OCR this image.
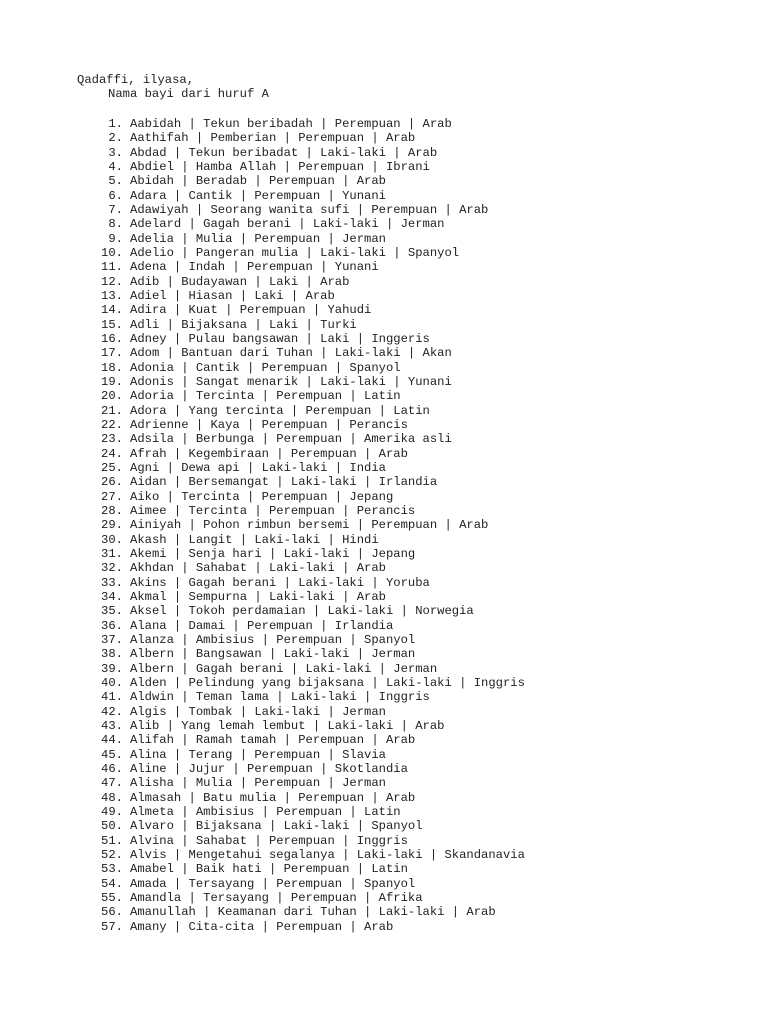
Qadaffi, ilyasa,
Nama bayi dari huruf A
1. Aabidah | Tekun beribadah | Perempuan | Arab
2. Aathifah | Pemberian | Perempuan | Arab
3. Abdad | Tekun beribadat | Laki-laki | Arab
4. Abdiel | Hamba Allah | Perempuan | Ibrani
5. Abidah | Beradab | Perempuan | Arab
6. Adara | Cantik | Perempuan | Yunani
7. Adawiyah | Seorang wanita sufi | Perempuan | Arab
8. Adelard | Gagah berani | Laki-laki | Jerman
9. Adelia | Mulia | Perempuan | Jerman
10. Adelio | Pangeran mulia | Laki-laki | Spanyol
11. Adena | Indah | Perempuan | Yunani
12. Adib | Budayawan | Laki | Arab
13. Adiel | Hiasan | Laki | Arab
14. Adira | Kuat | Perempuan | Yahudi
15. Adli | Bijaksana | Laki | Turki
16. Adney | Pulau bangsawan | Laki | Inggeris
17. Adom | Bantuan dari Tuhan | Laki-laki | Akan
18. Adonia | Cantik | Perempuan | Spanyol
19. Adonis | Sangat menarik | Laki-laki | Yunani
20. Adoria | Tercinta | Perempuan | Latin
21. Adora | Yang tercinta | Perempuan | Latin
22. Adrienne | Kaya | Perempuan | Perancis
23. Adsila | Berbunga | Perempuan | Amerika asli
24. Afrah | Kegembiraan | Perempuan | Arab
25. Agni | Dewa api | Laki-laki | India
26. Aidan | Bersemangat | Laki-laki | Irlandia
27. Aiko | Tercinta | Perempuan | Jepang
28. Aimee | Tercinta | Perempuan | Perancis
29. Ainiyah | Pohon rimbun bersemi | Perempuan | Arab
30. Akash | Langit | Laki-laki | Hindi
31. Akemi | Senja hari | Laki-laki | Jepang
32. Akhdan | Sahabat | Laki-laki | Arab
33. Akins | Gagah berani | Laki-laki | Yoruba
34. Akmal | Sempurna | Laki-laki | Arab
35. Aksel | Tokoh perdamaian | Laki-laki | Norwegia
36. Alana | Damai | Perempuan | Irlandia
37. Alanza | Ambisius | Perempuan | Spanyol
38. Albern | Bangsawan | Laki-laki | Jerman
39. Albern | Gagah berani | Laki-laki | Jerman
40. Alden | Pelindung yang bijaksana | Laki-laki | Inggris
41. Aldwin | Teman lama | Laki-laki | Inggris
42. Algis | Tombak | Laki-laki | Jerman
43. Alib | Yang lemah lembut | Laki-laki | Arab
44. Alifah | Ramah tamah | Perempuan | Arab
45. Alina | Terang | Perempuan | Slavia
46. Aline | Jujur | Perempuan | Skotlandia
47. Alisha | Mulia | Perempuan | Jerman
48. Almasah | Batu mulia | Perempuan | Arab
49. Almeta | Ambisius | Perempuan | Latin
50. Alvaro | Bijaksana | Laki-laki | Spanyol
51. Alvina | Sahabat | Perempuan | Inggris
52. Alvis | Mengetahui segalanya | Laki-laki | Skandanavia
53. Amabel | Baik hati | Perempuan | Latin
54. Amada | Tersayang | Perempuan | Spanyol
55. Amandla | Tersayang | Perempuan | Afrika
56. Amanullah | Keamanan dari Tuhan | Laki-laki | Arab
57. Amany | Cita-cita | Perempuan | Arab
